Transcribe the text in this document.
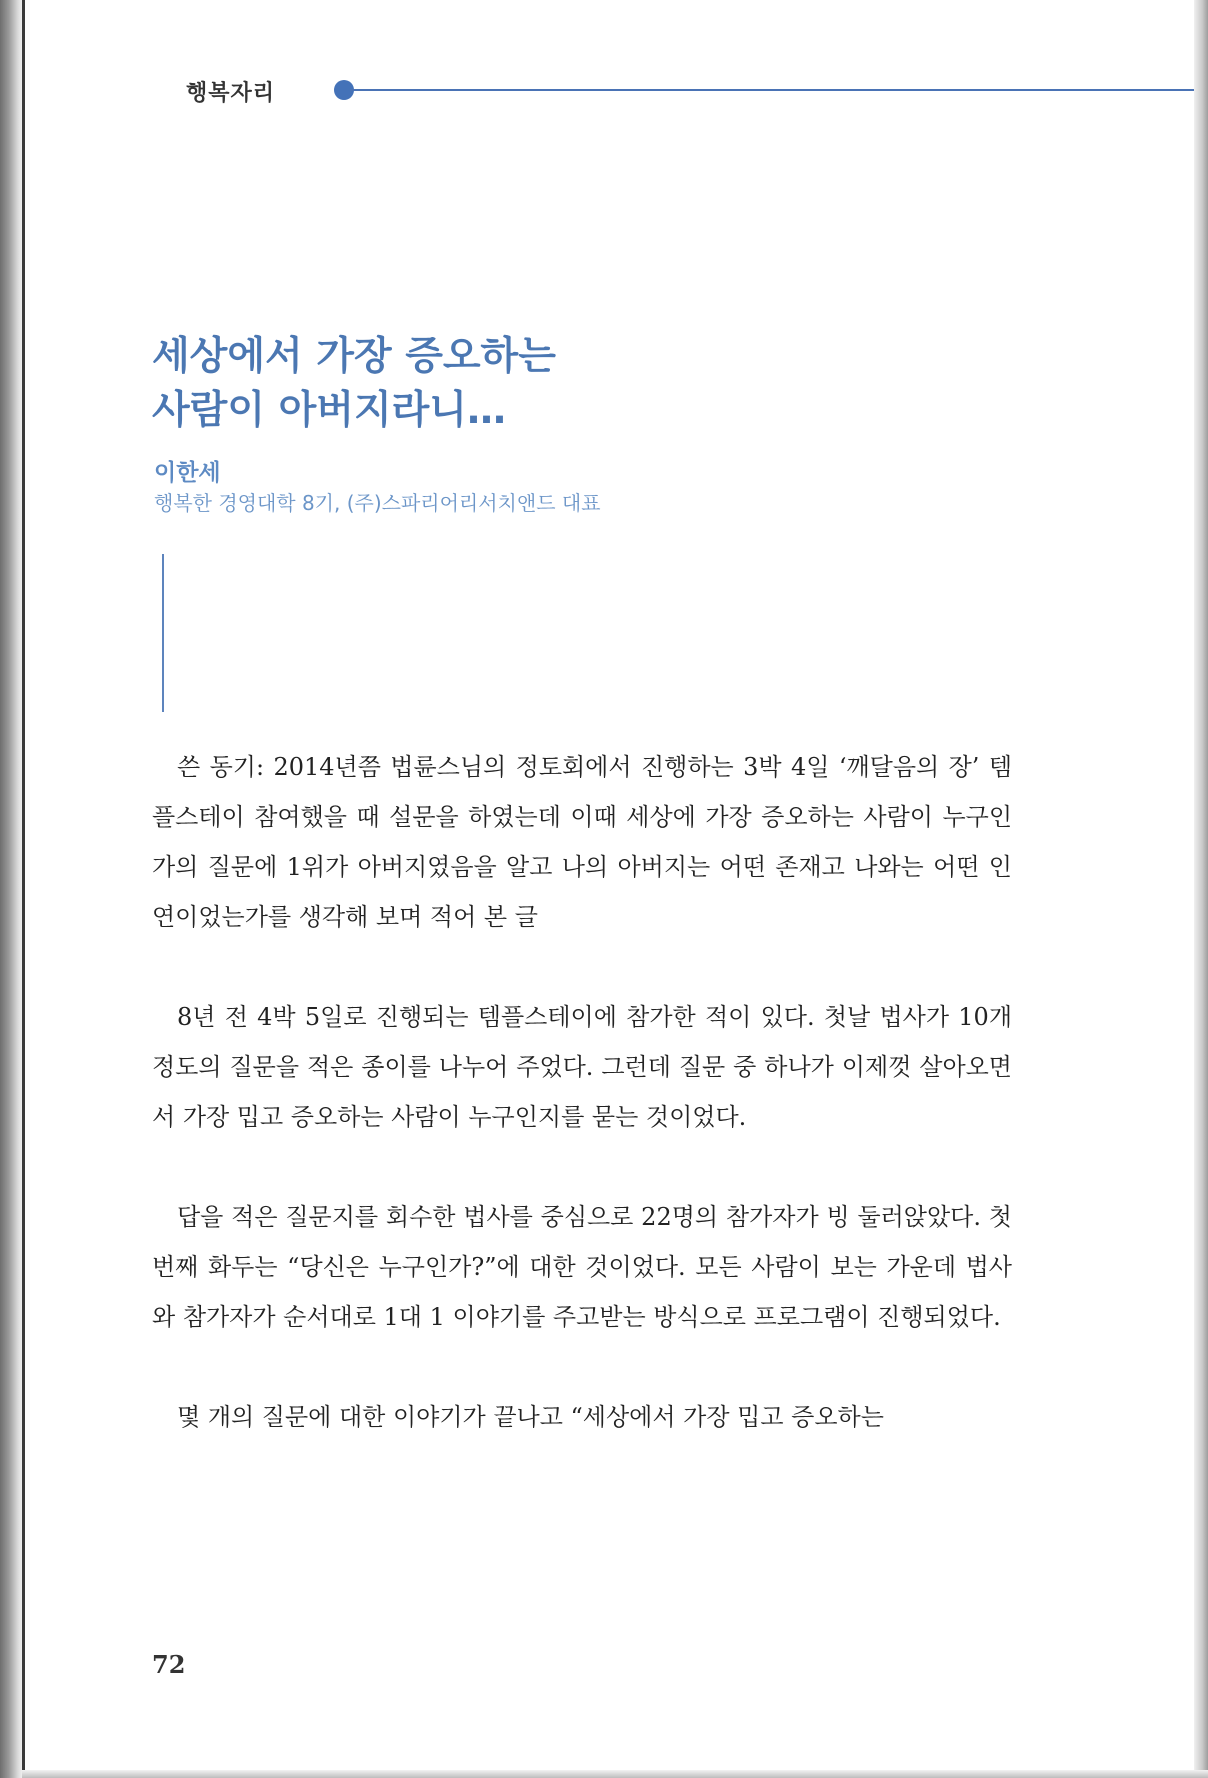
행복자리
세상에서 가장 증오하는
사람이 아버지라니…
이한세
행복한 경영대학 8기, (주)스파리어리서치앤드 대표

쓴 동기: 2014년쯤 법륜스님의 정토회에서 진행하는 3박 4일 ‘깨달음의 장’ 템플스테이 참여했을 때 설문을 하였는데 이때 세상에 가장 증오하는 사람이 누구인가의 질문에 1위가 아버지였음을 알고 나의 아버지는 어떤 존재고 나와는 어떤 인연이었는가를 생각해 보며 적어 본 글

8년 전 4박 5일로 진행되는 템플스테이에 참가한 적이 있다. 첫날 법사가 10개 정도의 질문을 적은 종이를 나누어 주었다. 그런데 질문 중 하나가 이제껏 살아오면서 가장 밉고 증오하는 사람이 누구인지를 묻는 것이었다.

답을 적은 질문지를 회수한 법사를 중심으로 22명의 참가자가 빙 둘러앉았다. 첫 번째 화두는 “당신은 누구인가?”에 대한 것이었다. 모든 사람이 보는 가운데 법사와 참가자가 순서대로 1대 1 이야기를 주고받는 방식으로 프로그램이 진행되었다.

몇 개의 질문에 대한 이야기가 끝나고 “세상에서 가장 밉고 증오하는

72
